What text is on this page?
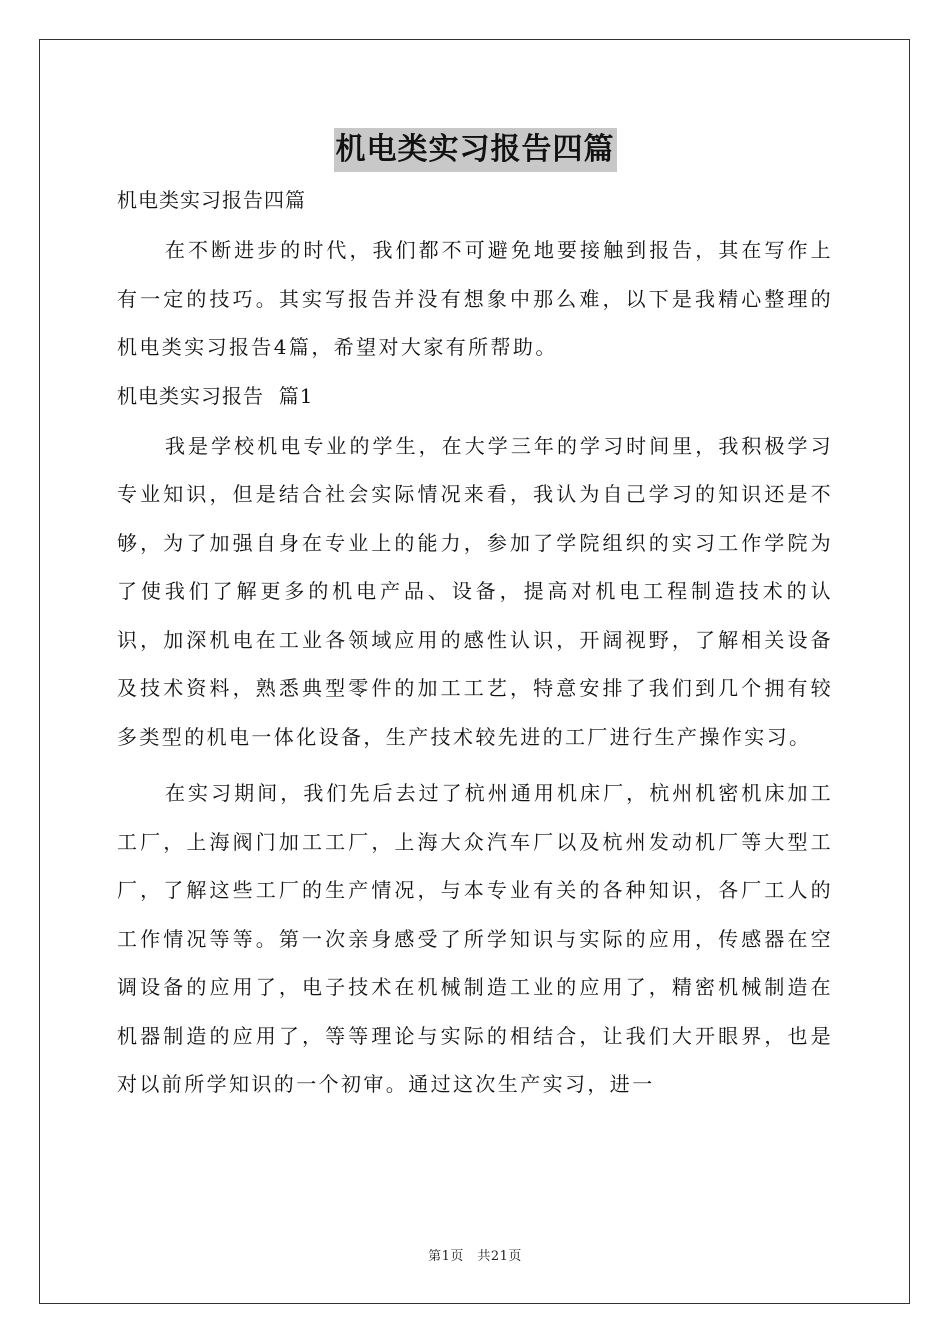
机电类实习报告四篇

机电类实习报告四篇

在不断进步的时代，我们都不可避免地要接触到报告，其在写作上有一定的技巧。其实写报告并没有想象中那么难，以下是我精心整理的机电类实习报告4篇，希望对大家有所帮助。

机电类实习报告  篇1

我是学校机电专业的学生，在大学三年的学习时间里，我积极学习专业知识，但是结合社会实际情况来看，我认为自己学习的知识还是不够，为了加强自身在专业上的能力，参加了学院组织的实习工作学院为了使我们了解更多的机电产品、设备，提高对机电工程制造技术的认识，加深机电在工业各领域应用的感性认识，开阔视野，了解相关设备及技术资料，熟悉典型零件的加工工艺，特意安排了我们到几个拥有较多类型的机电一体化设备，生产技术较先进的工厂进行生产操作实习。

在实习期间，我们先后去过了杭州通用机床厂，杭州机密机床加工工厂，上海阀门加工工厂，上海大众汽车厂以及杭州发动机厂等大型工厂，了解这些工厂的生产情况，与本专业有关的各种知识，各厂工人的工作情况等等。第一次亲身感受了所学知识与实际的应用，传感器在空调设备的应用了，电子技术在机械制造工业的应用了，精密机械制造在机器制造的应用了，等等理论与实际的相结合，让我们大开眼界，也是对以前所学知识的一个初审。通过这次生产实习，进一

第1页　共21页
